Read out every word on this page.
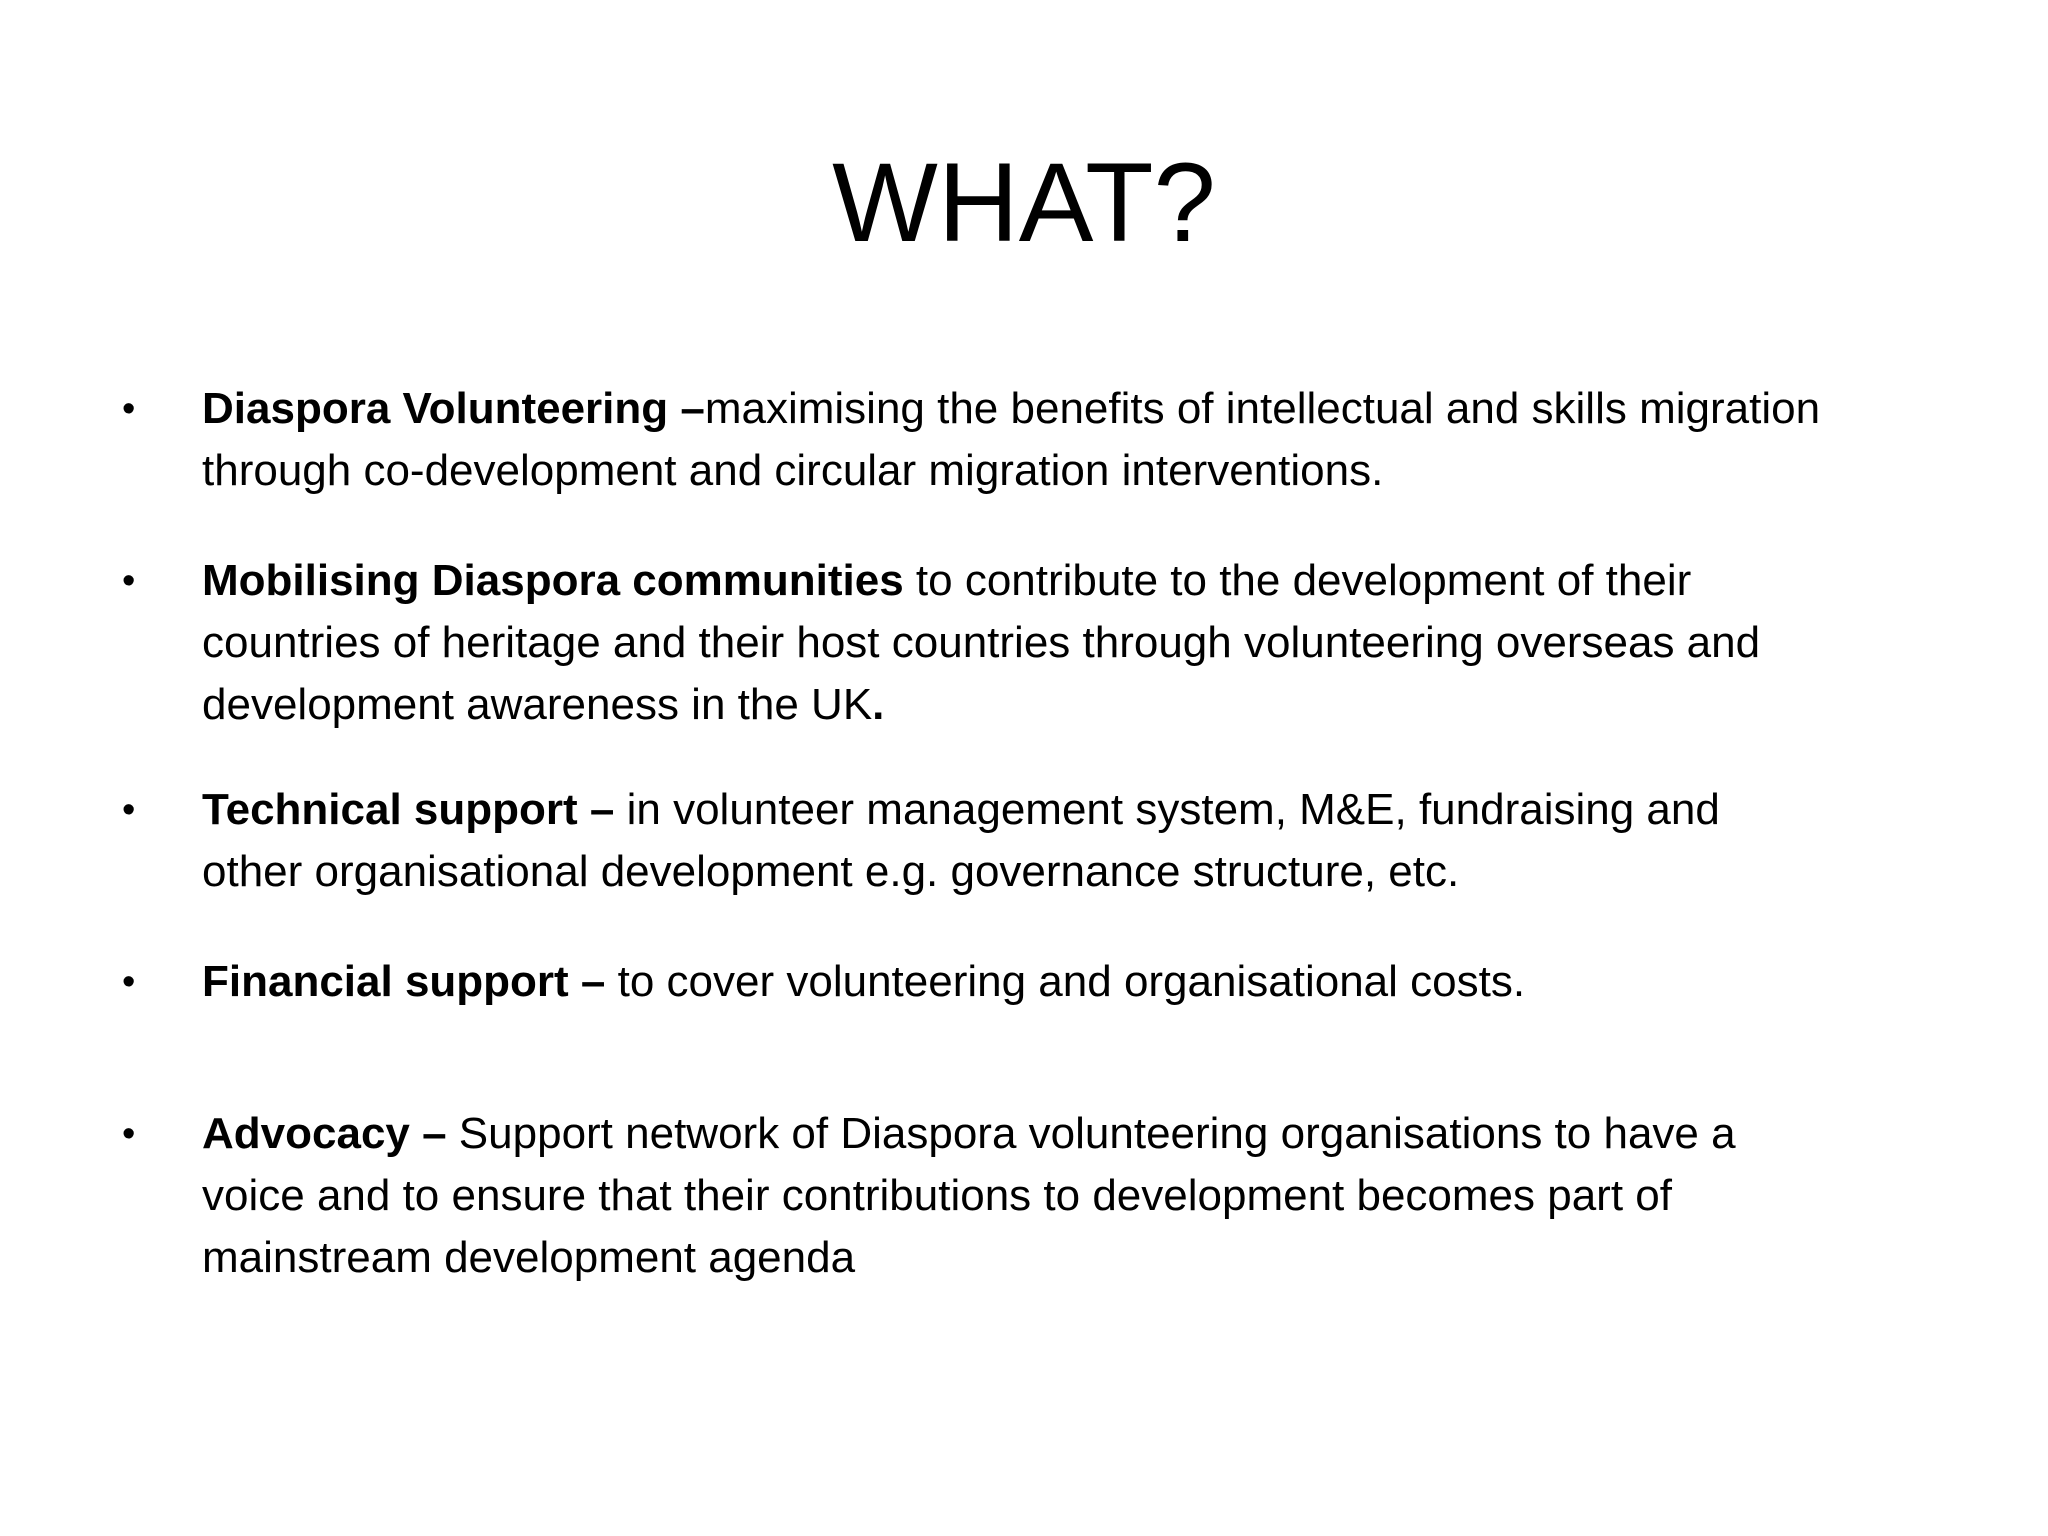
WHAT?
•	Diaspora Volunteering –maximising the benefits of intellectual and skills migration
through co-development and circular migration interventions.
•	Mobilising Diaspora communities to contribute to the development of their
countries of heritage and their host countries through volunteering overseas and
development awareness in the UK.
•	Technical support – in volunteer management system, M&E, fundraising and
other organisational development e.g. governance structure, etc.
•	Financial support – to cover volunteering and organisational costs.
•	Advocacy – Support network of Diaspora volunteering organisations to have a
voice and to ensure that their contributions to development becomes part of
mainstream development agenda
